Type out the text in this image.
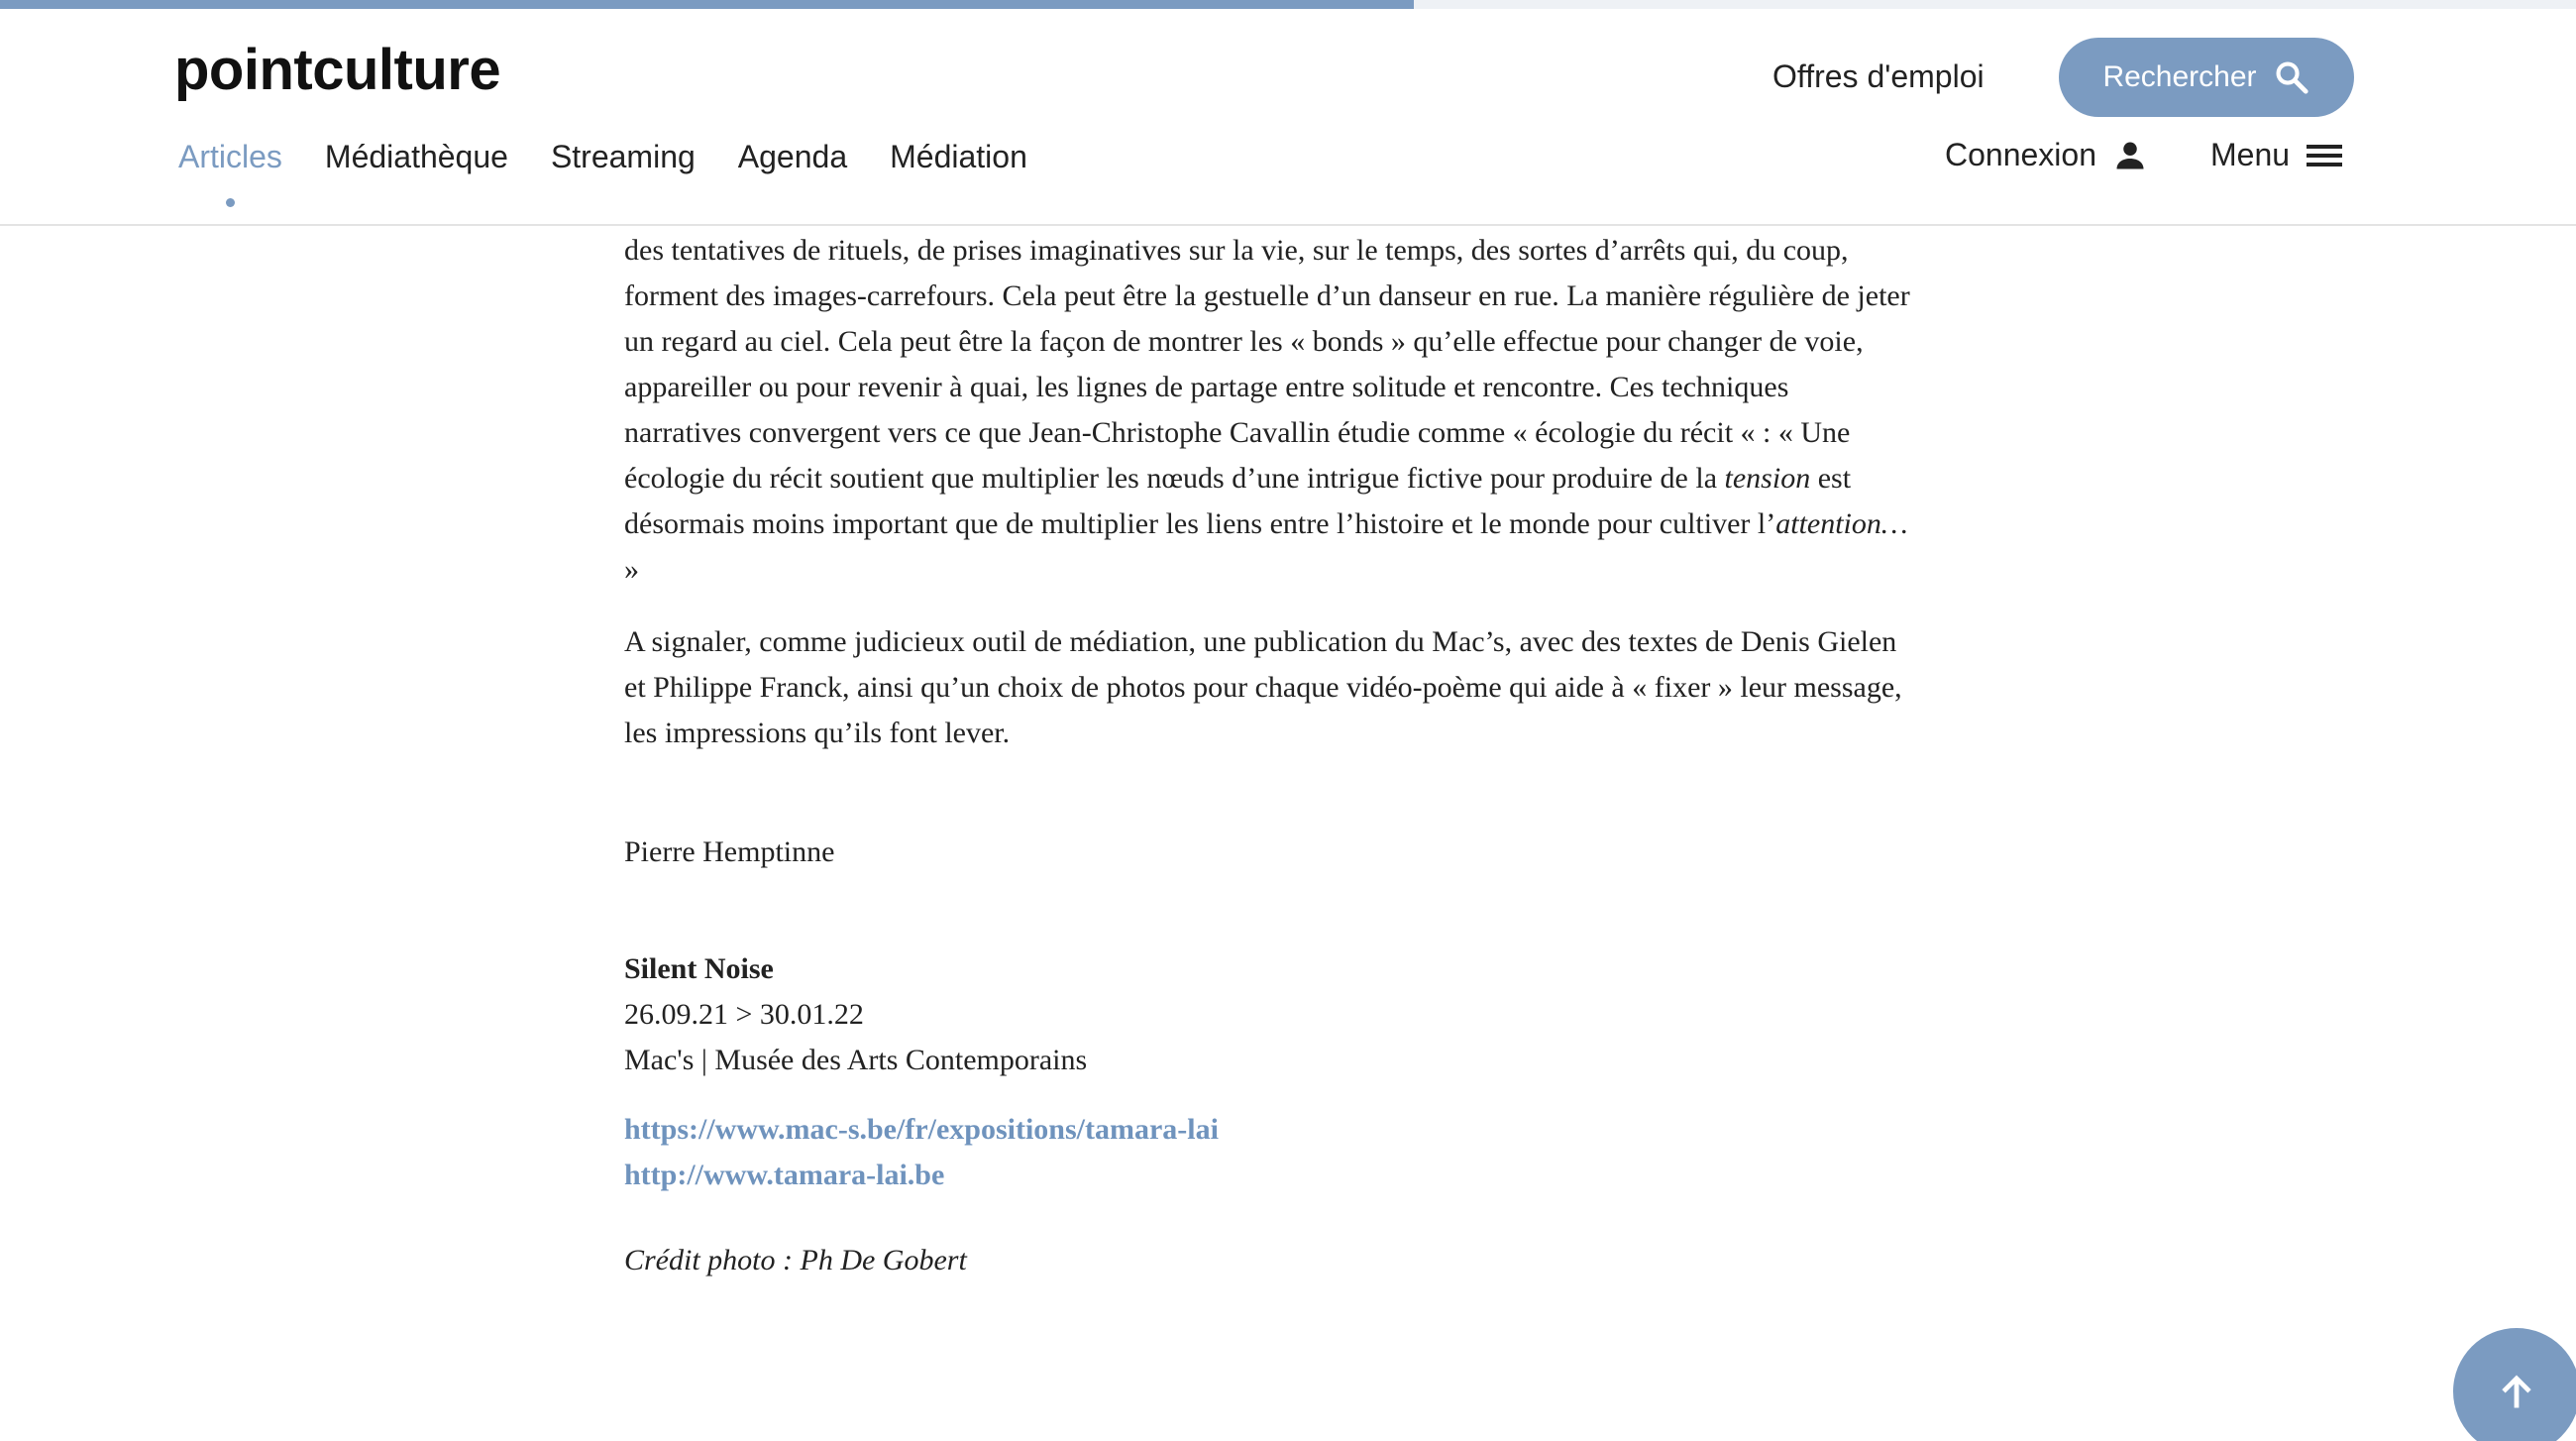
des tentatives de rituels, de prises imaginatives sur la vie, sur le temps, des sortes d’arrêts qui, du coup, forment des images-carrefours. Cela peut être la gestuelle d’un danseur en rue. La manière régulière de jeter un regard au ciel. Cela peut être la façon de montrer les « bonds » qu’elle effectue pour changer de voie, appareiller ou pour revenir à quai, les lignes de partage entre solitude et rencontre. Ces techniques narratives convergent vers ce que Jean-Christophe Cavallin étudie comme « écologie du récit « : « Une écologie du récit soutient que multiplier les nœuds d’une intrigue fictive pour produire de la tension est désormais moins important que de multiplier les liens entre l’histoire et le monde pour cultiver l’attention… »

A signaler, comme judicieux outil de médiation, une publication du Mac’s, avec des textes de Denis Gielen et Philippe Franck, ainsi qu’un choix de photos pour chaque vidéo-poème qui aide à « fixer » leur message, les impressions qu’ils font lever.

Pierre Hemptinne

Silent Noise
26.09.21 > 30.01.22
Mac's | Musée des Arts Contemporains
https://www.mac-s.be/fr/expositions/tamara-lai
http://www.tamara-lai.be

Crédit photo : Ph De Gobert

pointculture	Offres d'emploi	Rechercher
Articles Médiathèque Streaming Agenda Médiation	Connexion	Menu
